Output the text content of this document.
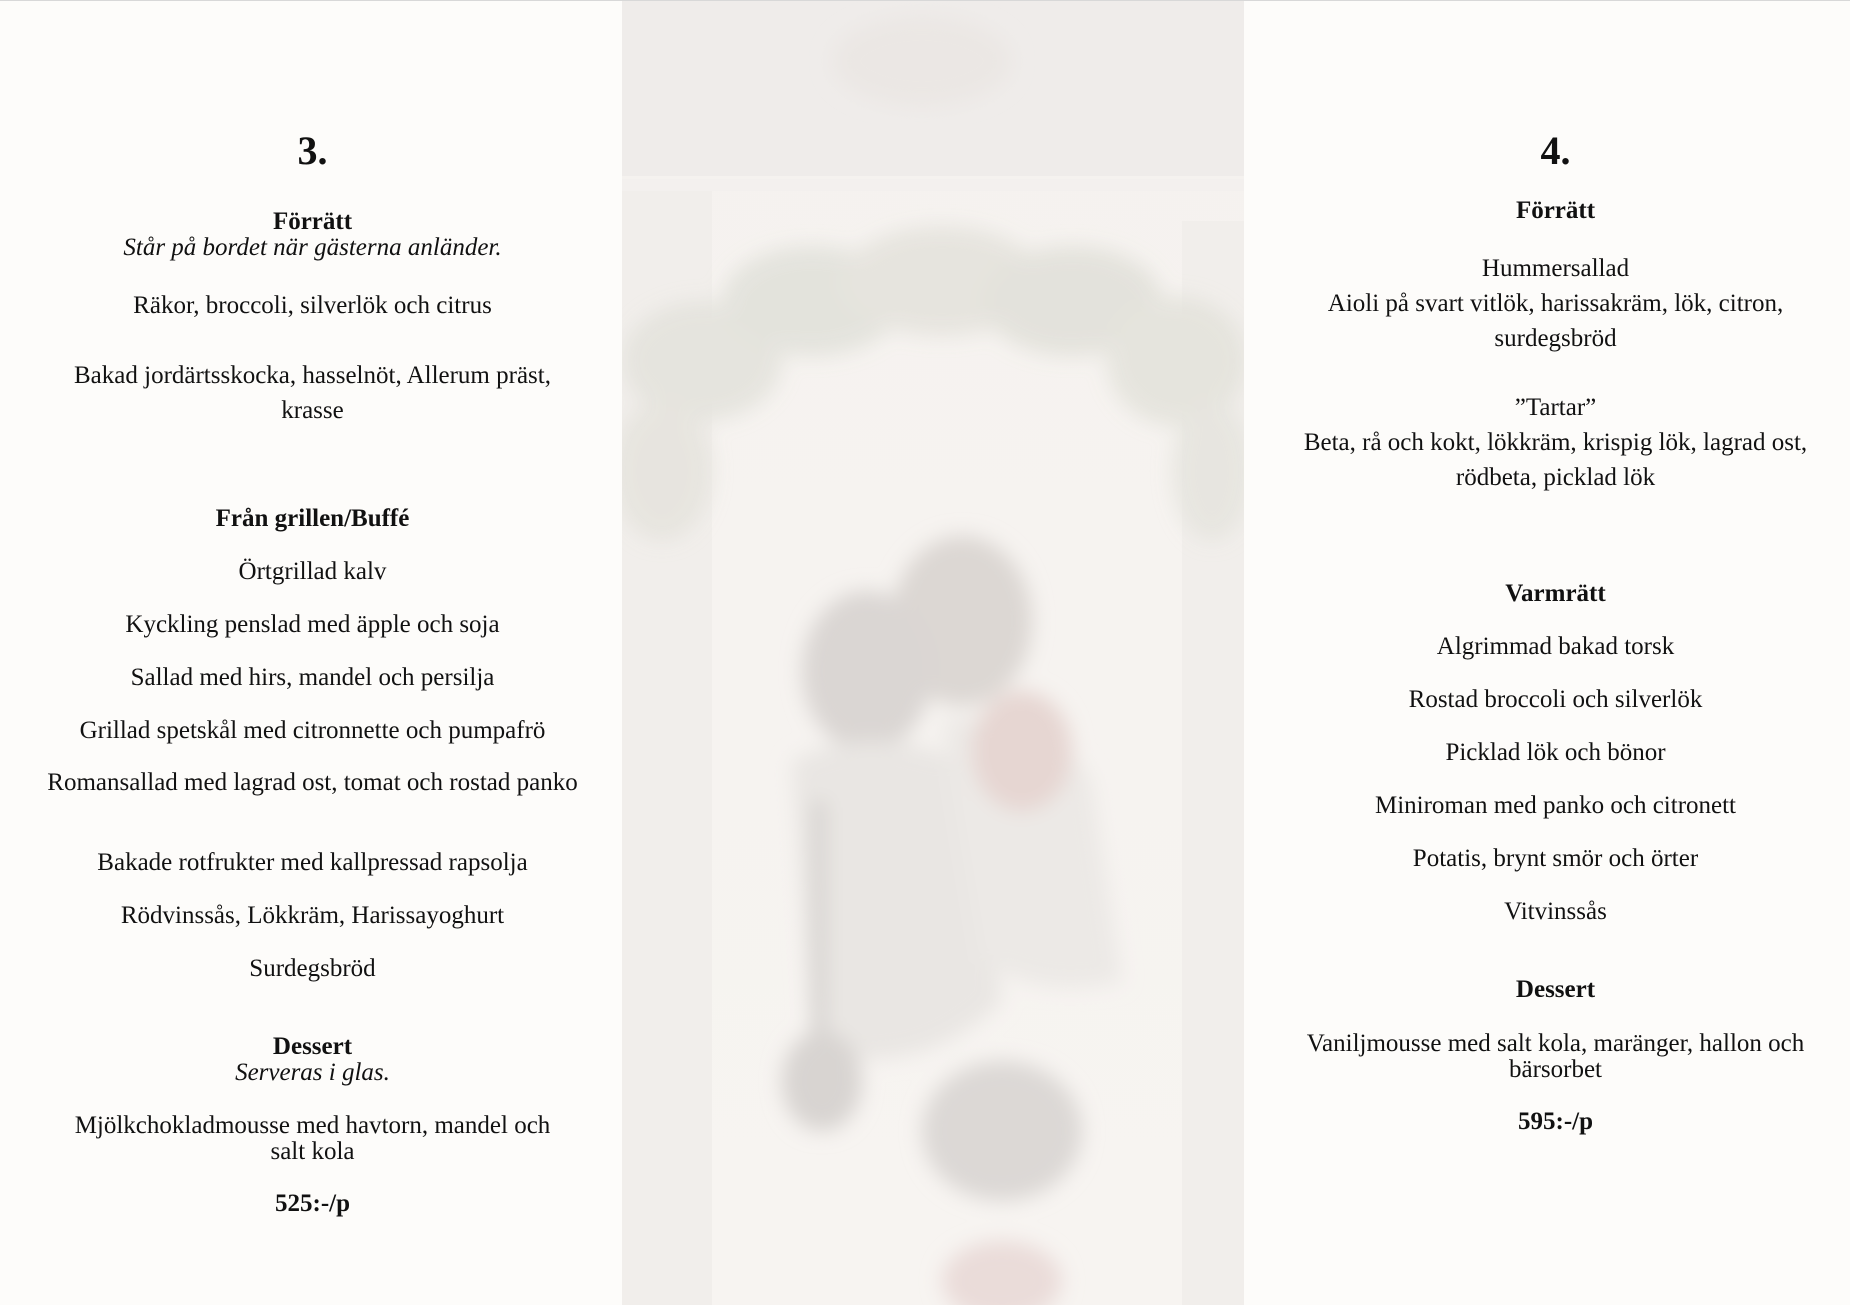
3.
Förrätt
Står på bordet när gästerna anländer.
Räkor, broccoli, silverlök och citrus
Bakad jordärtsskocka, hasselnöt, Allerum präst, krasse
Från grillen/Buffé
Örtgrillad kalv
Kyckling penslad med äpple och soja
Sallad med hirs, mandel och persilja
Grillad spetskål med citronnette och pumpafrö
Romansallad med lagrad ost, tomat och rostad panko
Bakade rotfrukter med kallpressad rapsolja
Rödvinssås, Lökkräm, Harissayoghurt
Surdegsbröd
Dessert
Serveras i glas.
Mjölkchokladmousse med havtorn, mandel och salt kola
525:-/p
4.
Förrätt
Hummersallad
Aioli på svart vitlök, harissakräm, lök, citron, surdegsbröd
”Tartar”
Beta, rå och kokt, lökkräm, krispig lök, lagrad ost, rödbeta, picklad lök
Varmrätt
Algrimmad bakad torsk
Rostad broccoli och silverlök
Picklad lök och bönor
Miniroman med panko och citronett
Potatis, brynt smör och örter
Vitvinssås
Dessert
Vaniljmousse med salt kola, maränger, hallon och bärsorbet
595:-/p
